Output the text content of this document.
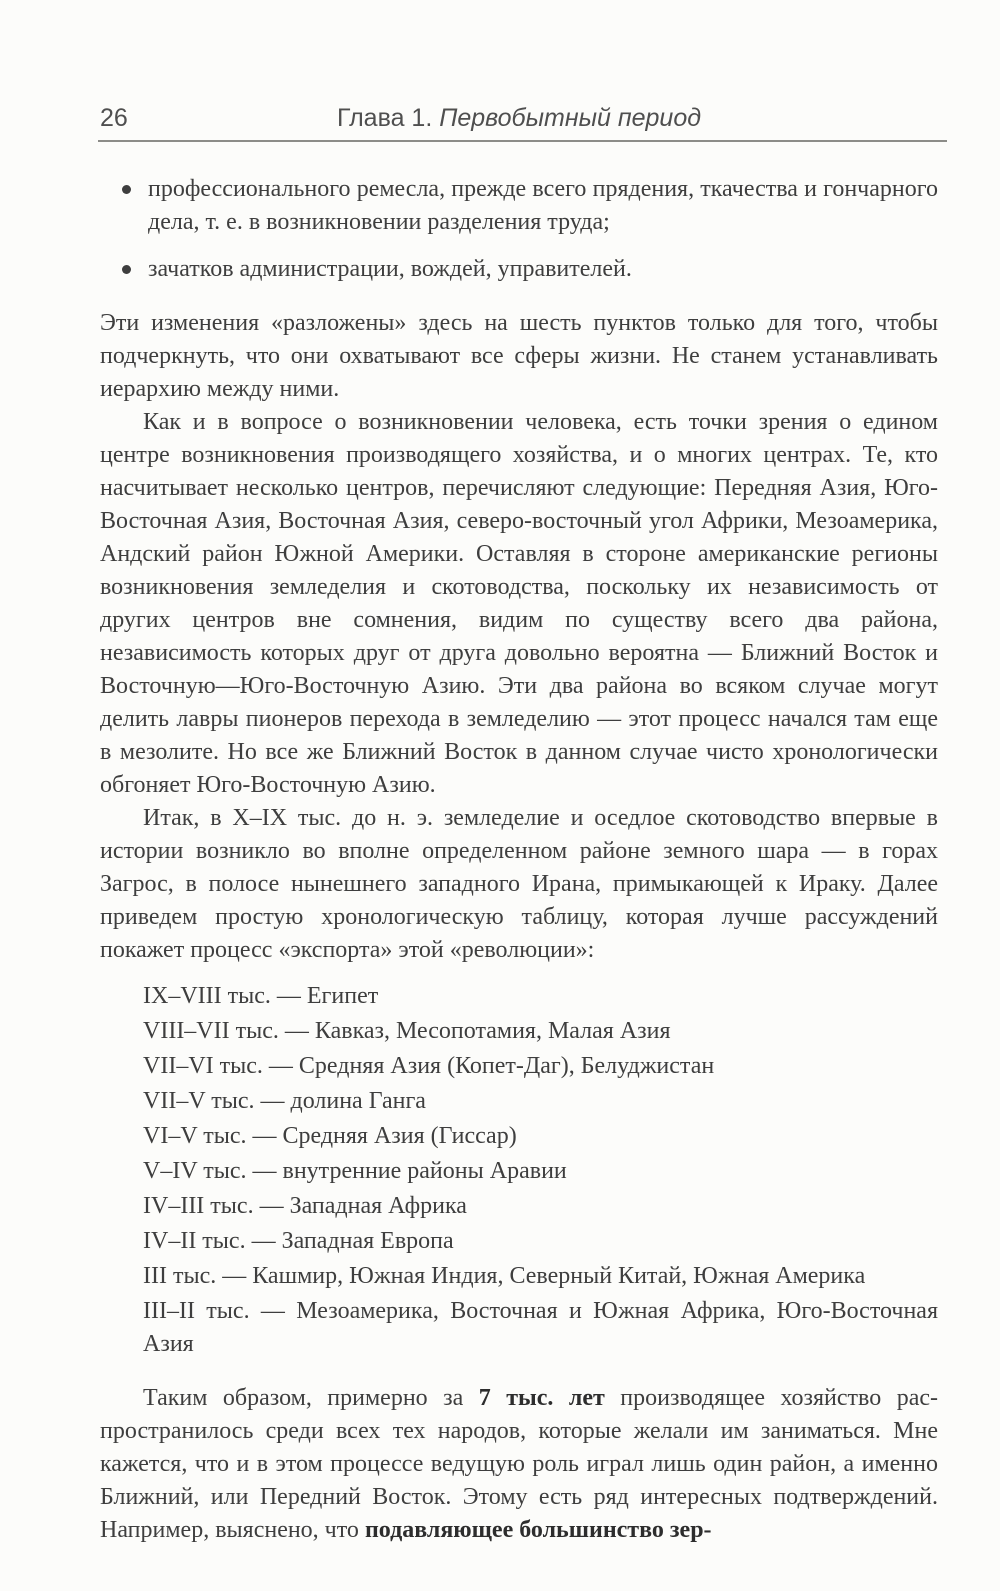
26	Глава 1. Первобытный период
профессионального ремесла, прежде всего прядения, ткачества и гончарного дела, т. е. в возникновении разделения труда;
зачатков администрации, вождей, управителей.

Эти изменения «разложены» здесь на шесть пунктов только для того, чтобы подчеркнуть, что они охватывают все сферы жизни. Не станем устанавливать иерархию между ними.

Как и в вопросе о возникновении человека, есть точки зрения о едином центре возникновения производящего хозяйства, и о многих центрах. Те, кто насчитывает несколько центров, перечисляют следующие: Передняя Азия, Юго-Восточная Азия, Восточная Азия, северо-восточный угол Африки, Мезоамерика, Андский район Южной Америки. Оставляя в стороне американские регионы возникновения земледелия и скотоводства, поскольку их независимость от других центров вне сомнения, видим по существу всего два района, независимость которых друг от друга довольно вероятна — Ближний Восток и Восточную—Юго-Восточную Азию. Эти два района во всяком случае могут делить лавры пионеров перехода в земледелию — этот процесс начался там еще в мезолите. Но все же Ближний Восток в данном случае чисто хронологически обгоняет Юго-Восточную Азию.

Итак, в X–IX тыс. до н. э. земледелие и оседлое скотоводство впервые в истории возникло во вполне определенном районе земного шара — в горах Загрос, в полосе нынешнего западного Ирана, примыкающей к Ираку. Далее приведем простую хронологическую таблицу, которая лучше рассуждений покажет процесс «экспорта» этой «революции»:

IX–VIII тыс. — Египет
VIII–VII тыс. — Кавказ, Месопотамия, Малая Азия
VII–VI тыс. — Средняя Азия (Копет-Даг), Белуджистан
VII–V тыс. — долина Ганга
VI–V тыс. — Средняя Азия (Гиссар)
V–IV тыс. — внутренние районы Аравии
IV–III тыс. — Западная Африка
IV–II тыс. — Западная Европа
III тыс. — Кашмир, Южная Индия, Северный Китай, Южная Америка
III–II тыс. — Мезоамерика, Восточная и Южная Африка, Юго-Восточная Азия

Таким образом, примерно за 7 тыс. лет производящее хозяйство распространилось среди всех тех народов, которые желали им заниматься. Мне кажется, что и в этом процессе ведущую роль играл лишь один район, а именно Ближний, или Передний Восток. Этому есть ряд интересных подтверждений. Например, выяснено, что подавляющее большинство зер-
